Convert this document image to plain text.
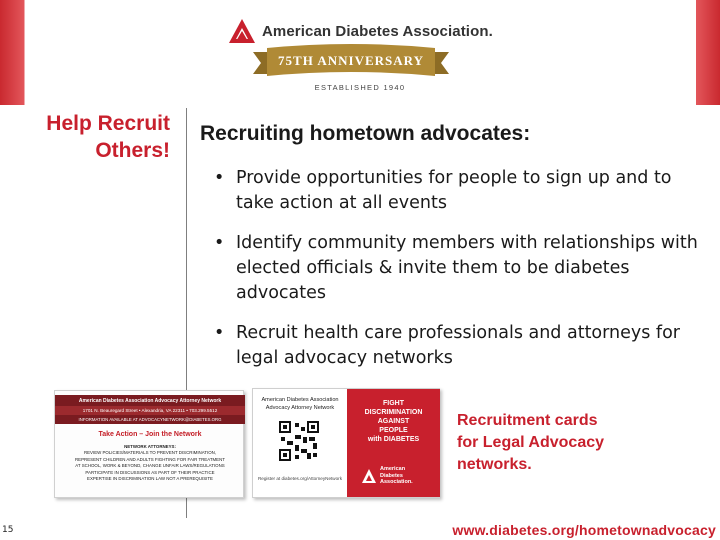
American Diabetes Association.
75TH ANNIVERSARY
ESTABLISHED 1940
Help Recruit
Others!
Recruiting hometown advocates:
• Provide opportunities for people to sign up and to take action at all events
• Identify community members with relationships with elected officials & invite them to be diabetes advocates
• Recruit health care professionals and attorneys for legal advocacy networks
American Diabetes Association Advocacy Attorney Network
1701 N. Beauregard Street • Alexandria, VA 22311 • 703.299.5512
INFORMATION AVAILABLE AT ADVOCACYNETWORK@DIABETES.ORG
Take Action – Join the Network
NETWORK ATTORNEYS:
REVIEW POLICIES/MATERIALS TO PREVENT DISCRIMINATION,
REPRESENT CHILDREN AND ADULTS FIGHTING FOR FAIR TREATMENT
AT SCHOOL, WORK & BEYOND, CHANGE UNFAIR LAWS/REGULATIONS
PARTICIPATE IN DISCUSSIONS AS PART OF THEIR PRACTICE
EXPERTISE IN DISCRIMINATION LAW NOT A PREREQUISITE
American Diabetes Association Advocacy Attorney Network
Register at diabetes.org/AttorneyNetwork
FIGHT
DISCRIMINATION
AGAINST
PEOPLE
with DIABETES
American
Diabetes
Association.
Recruitment cards
for Legal Advocacy
networks.
15	www.diabetes.org/hometownadvocacy
